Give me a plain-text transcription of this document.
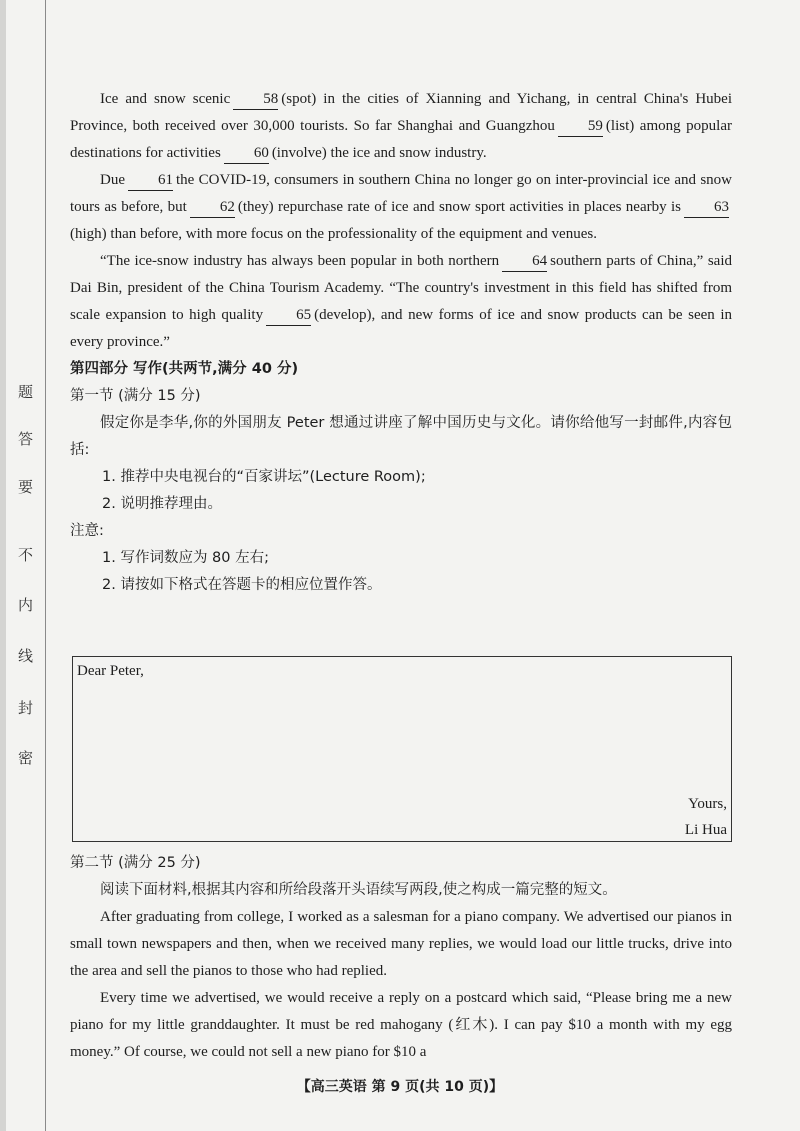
题
答
要
不
内
线
封
密

Ice and snow scenic 58 (spot) in the cities of Xianning and Yichang, in central China's Hubei Province, both received over 30,000 tourists. So far Shanghai and Guangzhou 59 (list) among popular destinations for activities 60 (involve) the ice and snow industry.

Due 61 the COVID-19, consumers in southern China no longer go on inter-provincial ice and snow tours as before, but 62 (they) repurchase rate of ice and snow sport activities in places nearby is 63(high) than before, with more focus on the professionality of the equipment and venues.

“The ice-snow industry has always been popular in both northern 64 southern parts of China,” said Dai Bin, president of the China Tourism Academy. “The country's investment in this field has shifted from scale expansion to high quality 65 (develop), and new forms of ice and snow products can be seen in every province.”

第四部分 写作(共两节,满分 40 分)

第一节 (满分 15 分)

假定你是李华,你的外国朋友 Peter 想通过讲座了解中国历史与文化。请你给他写一封邮件,内容包括:

1. 推荐中央电视台的“百家讲坛”(Lecture Room);

2. 说明推荐理由。

注意:

1. 写作词数应为 80 左右;

2. 请按如下格式在答题卡的相应位置作答。

Dear Peter,
Yours,
Li Hua

第二节 (满分 25 分)

阅读下面材料,根据其内容和所给段落开头语续写两段,使之构成一篇完整的短文。

After graduating from college, I worked as a salesman for a piano company. We advertised our pianos in small town newspapers and then, when we received many replies, we would load our little trucks, drive into the area and sell the pianos to those who had replied.

Every time we advertised, we would receive a reply on a postcard which said, “Please bring me a new piano for my little granddaughter. It must be red mahogany (红木). I can pay $10 a month with my egg money.” Of course, we could not sell a new piano for $10 a

【高三英语 第 9 页(共 10 页)】
